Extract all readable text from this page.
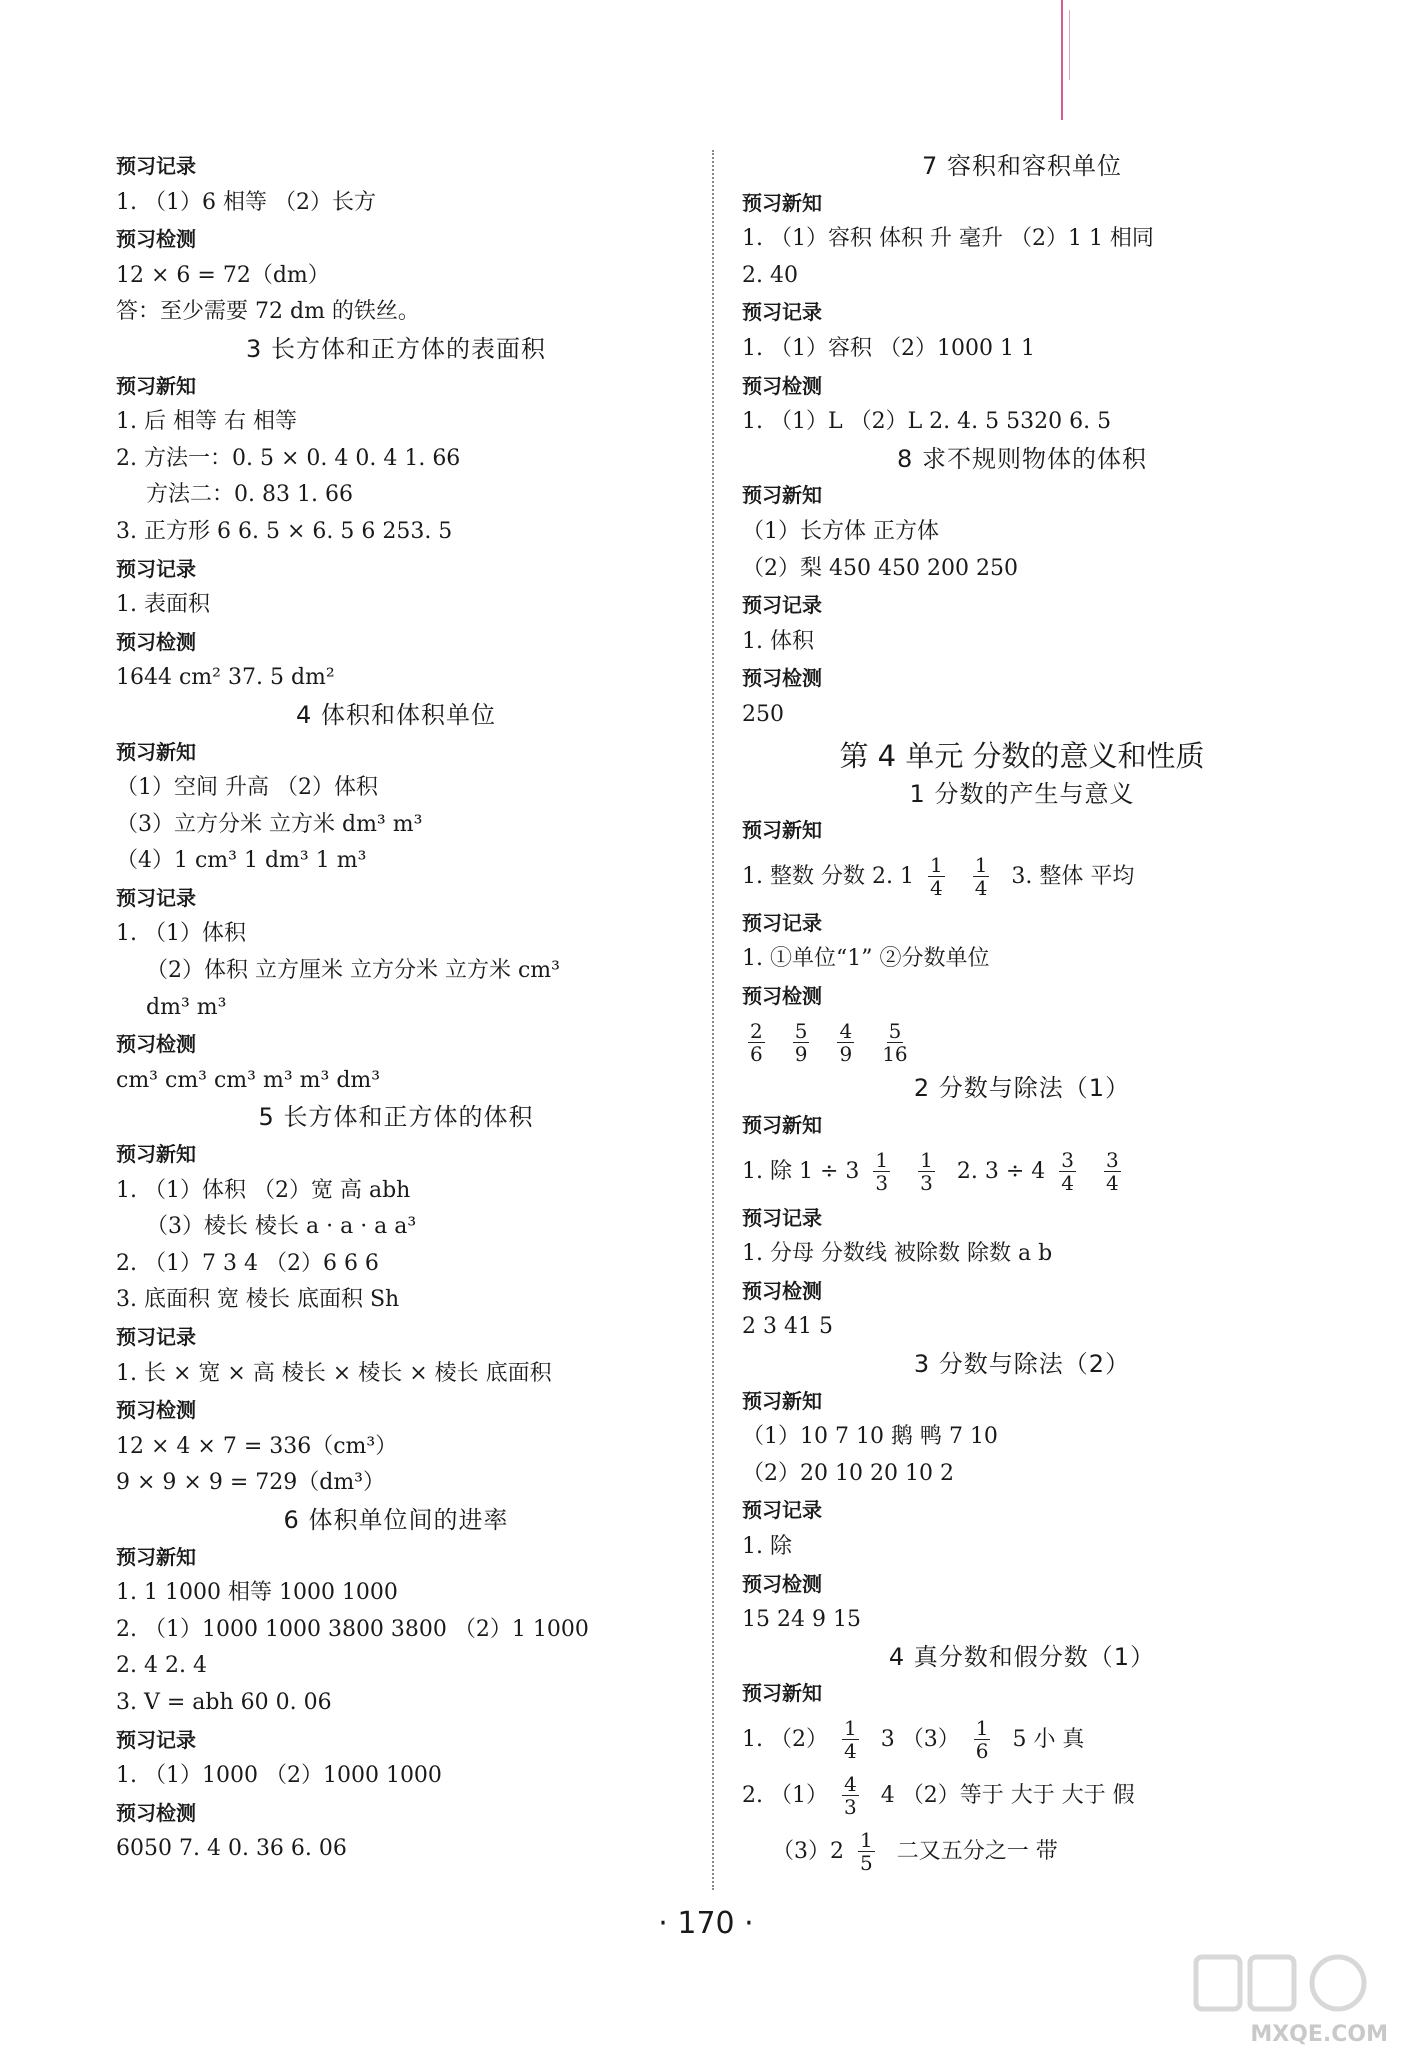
预习记录
1. （1）6 相等 （2）长方
预习检测
12 × 6 = 72（dm）
答：至少需要 72 dm 的铁丝。
3 长方体和正方体的表面积
预习新知
1. 后 相等 右 相等
2. 方法一：0. 5 × 0. 4 0. 4 1. 66
方法二：0. 83 1. 66
3. 正方形 6 6. 5 × 6. 5 6 253. 5
预习记录
1. 表面积
预习检测
1644 cm² 37. 5 dm²
4 体积和体积单位
预习新知
（1）空间 升高 （2）体积
（3）立方分米 立方米 dm³ m³
（4）1 cm³ 1 dm³ 1 m³
预习记录
1. （1）体积
（2）体积 立方厘米 立方分米 立方米 cm³
dm³ m³
预习检测
cm³ cm³ cm³ m³ m³ dm³
5 长方体和正方体的体积
预习新知
1. （1）体积 （2）宽 高 abh
（3）棱长 棱长 a · a · a a³
2. （1）7 3 4 （2）6 6 6
3. 底面积 宽 棱长 底面积 Sh
预习记录
1. 长 × 宽 × 高 棱长 × 棱长 × 棱长 底面积
预习检测
12 × 4 × 7 = 336（cm³）
9 × 9 × 9 = 729（dm³）
6 体积单位间的进率
预习新知
1. 1 1000 相等 1000 1000
2. （1）1000 1000 3800 3800 （2）1 1000
2. 4 2. 4
3. V = abh 60 0. 06
预习记录
1. （1）1000 （2）1000 1000
预习检测
6050 7. 4 0. 36 6. 06
7 容积和容积单位
预习新知
1. （1）容积 体积 升 毫升 （2）1 1 相同
2. 40
预习记录
1. （1）容积 （2）1000 1 1
预习检测
1. （1）L （2）L 2. 4. 5 5320 6. 5
8 求不规则物体的体积
预习新知
（1）长方体 正方体
（2）梨 450 450 200 250
预习记录
1. 体积
预习检测
250
第 4 单元 分数的意义和性质
1 分数的产生与意义
预习新知
1. 整数 分数 2. $1 \frac{1}{4} \frac{1}{4} 3$. 整体 平均
预习记录
1. ①单位“1” ②分数单位
预习检测
$\frac{2}{6} \frac{5}{9} \frac{4}{9} \frac{5}{16}$
2 分数与除法（1）
预习新知
1. 除 $1 \div 3 \frac{1}{3} \frac{1}{3} 2$. $3 \div 4 \frac{3}{4} \frac{3}{4}$
预习记录
1. 分母 分数线 被除数 除数 a b
预习检测
2 3 41 5
3 分数与除法（2）
预习新知
（1）10 7 10 鹅 鸭 7 10
（2）20 10 20 10 2
预习记录
1. 除
预习检测
15 24 9 15
4 真分数和假分数（1）
预习新知
1. $(2) \frac{1}{4} 3$ $(3) \frac{1}{6} 5$ 小 真
2. $(1) \frac{4}{3} 4$ （2）等于 大于 大于 假
$(3)2 \frac{1}{5}$ 二又五分之一 带
· 170 ·
MXQE.COM
